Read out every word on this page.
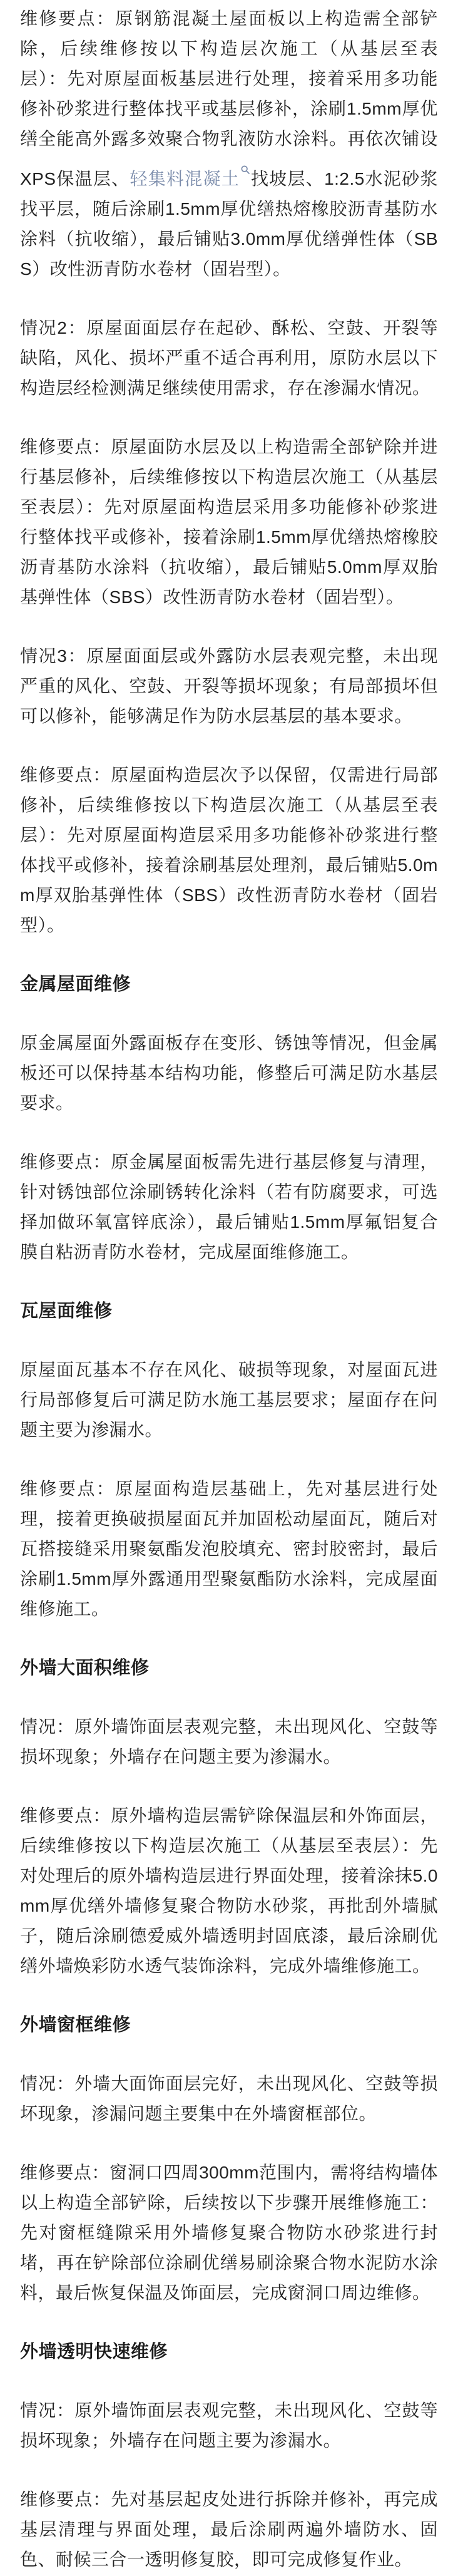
维修要点：原钢筋混凝土屋面板以上构造需全部铲除，后续维修按以下构造层次施工（从基层至表层）：先对原屋面板基层进行处理，接着采用多功能修补砂浆进行整体找平或基层修补，涂刷1.5mm厚优缮全能高外露多效聚合物乳液防水涂料。再依次铺设XPS保温层、轻集料混凝土 找坡层、1:2.5水泥砂浆找平层，随后涂刷1.5mm厚优缮热熔橡胶沥青基防水涂料（抗收缩），最后铺贴3.0mm厚优缮弹性体（SBS）改性沥青防水卷材（固岩型）。

情况2：原屋面面层存在起砂、酥松、空鼓、开裂等缺陷，风化、损坏严重不适合再利用，原防水层以下构造层经检测满足继续使用需求，存在渗漏水情况。

维修要点：原屋面防水层及以上构造需全部铲除并进行基层修补，后续维修按以下构造层次施工（从基层至表层）：先对原屋面构造层采用多功能修补砂浆进行整体找平或修补，接着涂刷1.5mm厚优缮热熔橡胶沥青基防水涂料（抗收缩），最后铺贴5.0mm厚双胎基弹性体（SBS）改性沥青防水卷材（固岩型）。

情况3：原屋面面层或外露防水层表观完整，未出现严重的风化、空鼓、开裂等损坏现象；有局部损坏但可以修补，能够满足作为防水层基层的基本要求。

维修要点：原屋面构造层次予以保留，仅需进行局部修补，后续维修按以下构造层次施工（从基层至表层）：先对原屋面构造层采用多功能修补砂浆进行整体找平或修补，接着涂刷基层处理剂，最后铺贴5.0mm厚双胎基弹性体（SBS）改性沥青防水卷材（固岩型）。

金属屋面维修

原金属屋面外露面板存在变形、锈蚀等情况，但金属板还可以保持基本结构功能，修整后可满足防水基层要求。

维修要点：原金属屋面板需先进行基层修复与清理，针对锈蚀部位涂刷锈转化涂料（若有防腐要求，可选择加做环氧富锌底涂），最后铺贴1.5mm厚氟铝复合膜自粘沥青防水卷材，完成屋面维修施工。

瓦屋面维修

原屋面瓦基本不存在风化、破损等现象，对屋面瓦进行局部修复后可满足防水施工基层要求；屋面存在问题主要为渗漏水。

维修要点：原屋面构造层基础上，先对基层进行处理，接着更换破损屋面瓦并加固松动屋面瓦，随后对瓦搭接缝采用聚氨酯发泡胶填充、密封胶密封，最后涂刷1.5mm厚外露通用型聚氨酯防水涂料，完成屋面维修施工。

外墙大面积维修

情况：原外墙饰面层表观完整，未出现风化、空鼓等损坏现象；外墙存在问题主要为渗漏水。

维修要点：原外墙构造层需铲除保温层和外饰面层，后续维修按以下构造层次施工（从基层至表层）：先对处理后的原外墙构造层进行界面处理，接着涂抹5.0mm厚优缮外墙修复聚合物防水砂浆，再批刮外墙腻子，随后涂刷德爱威外墙透明封固底漆，最后涂刷优缮外墙焕彩防水透气装饰涂料，完成外墙维修施工。

外墙窗框维修

情况：外墙大面饰面层完好，未出现风化、空鼓等损坏现象，渗漏问题主要集中在外墙窗框部位。

维修要点：窗洞口四周300mm范围内，需将结构墙体以上构造全部铲除，后续按以下步骤开展维修施工：先对窗框缝隙采用外墙修复聚合物防水砂浆进行封堵，再在铲除部位涂刷优缮易刷涂聚合物水泥防水涂料，最后恢复保温及饰面层，完成窗洞口周边维修。

外墙透明快速维修

情况：原外墙饰面层表观完整，未出现风化、空鼓等损坏现象；外墙存在问题主要为渗漏水。

维修要点：先对基层起皮处进行拆除并修补，再完成基层清理与界面处理，最后涂刷两遍外墙防水、固色、耐候三合一透明修复胶，即可完成修复作业。
